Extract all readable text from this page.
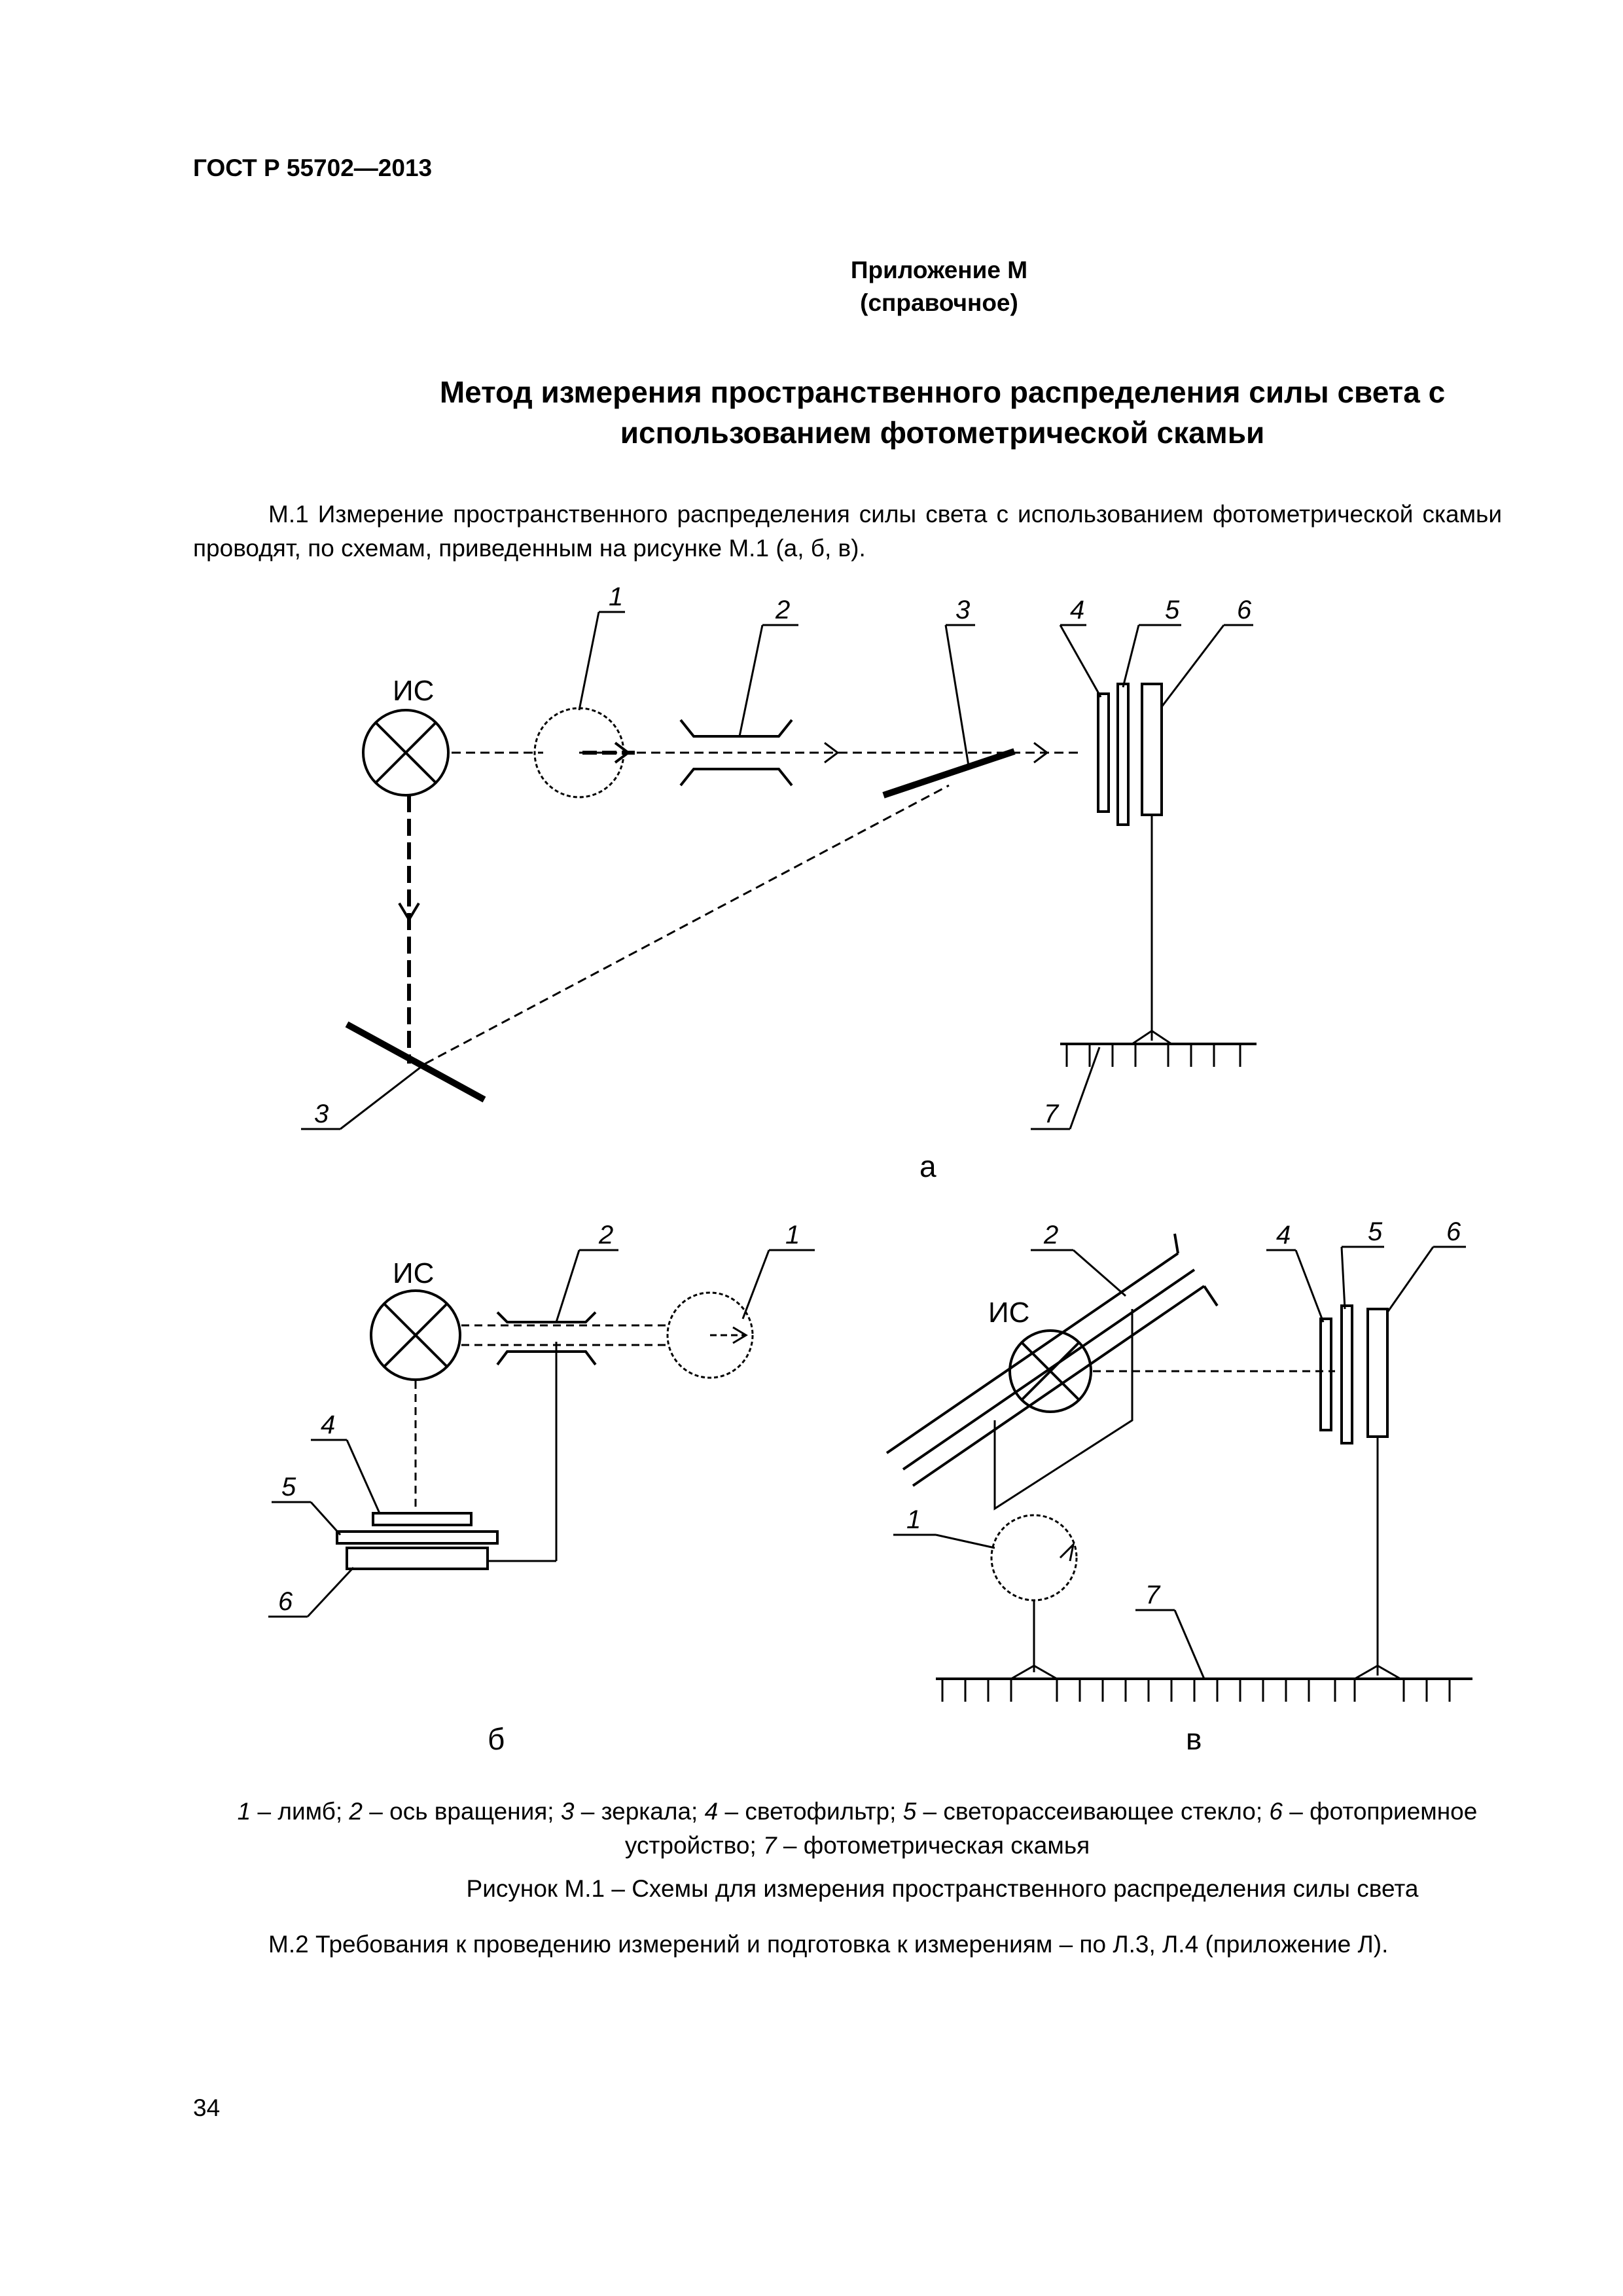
ГОСТ Р 55702—2013
Приложение М
(справочное)
Метод измерения пространственного распределения силы света с
использованием фотометрической скамьи
М.1 Измерение пространственного распределения силы света с использованием фотометрической скамьи проводят, по схемам, приведенным на рисунке М.1 (а, б, в).
ИС
1	2	3	4	5 6
3	7
а
ИС
2	1
4
5
6
б
ИС
2	4	5 6
1
7
в
1 – лимб; 2 – ось вращения; 3 – зеркала; 4 – светофильтр; 5 – светорассеивающее стекло; 6 – фотоприемное устройство; 7 – фотометрическая скамья
Рисунок М.1 – Схемы для измерения пространственного распределения силы света
М.2 Требования к проведению измерений и подготовка к измерениям – по Л.3, Л.4 (приложение Л).
34
